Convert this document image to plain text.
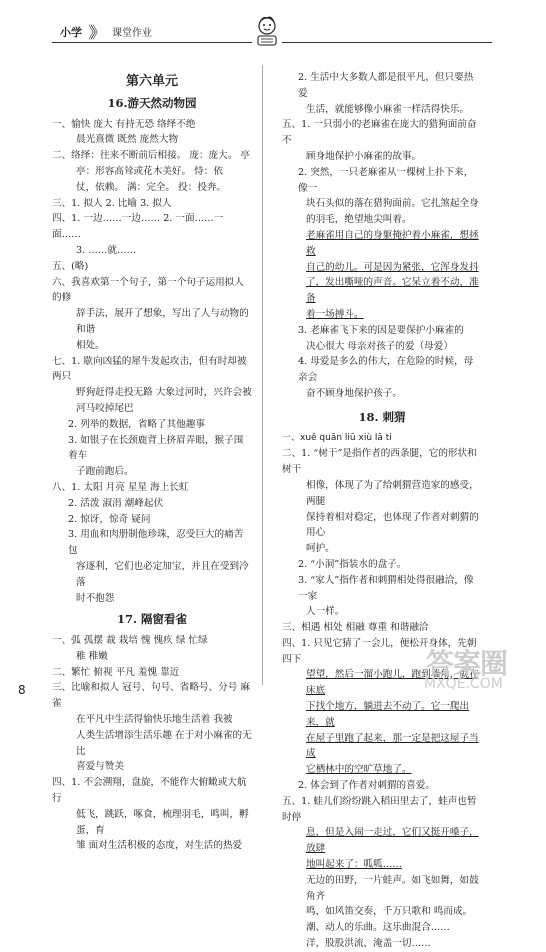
小学 》》 课堂作业
第六单元
16.游天然动物园

一、愉快 庞大 有持无恐 络绎不绝

晨光熹微 既然 庞然大物

二、络绎：往来不断前后相接。 庞：庞大。 亭

亭：形容高耸或花木美好。 恃：依

仗，依赖。 满：完全。 投：投奔。

三、1. 拟人 2. 比喻 3. 拟人

四、1. 一边……一边…… 2. 一面……一面……

3. ……就……

五、(略)

六、我喜欢第一个句子，第一个句子运用拟人的修

辞手法，展开了想象，写出了人与动物的和谐

相处。

七、1. 歇向凶猛的犀牛发起攻击，但有时却被两只

野狗赶得走投无路 大象过河时，兴许会被

河马咬掉尾巴

2. 列举的数据，省略了其他趣事

3. 如银子在长颈鹿背上挤眉弄眼，猴子围着车

子跑前跑后。

八、1. 太阳 月亮 星星 海上长虹

2. 活泼 淑涓 潮峰起伏

2. 惊讶，惊奇 疑问

3. 用血和肉册制他珍珠，忍受巨大的痛苦包

容逐利，它们也必定加宝，并且在受到冷落

时不抱怨

17. 隔窗看雀

一、弧 孤摆 裁 栽培 愧 愧疚 绿 忙绿

稚 稚嫩

二、繁忙 俯视 平凡 羞愧 靠近

三、比喻和拟人 冠号、句号、省略号、分号 麻雀

在平凡中生活得愉快乐地生活着 我被

人类生活增添生活乐趣 在于对小麻雀的无比

喜爱与赞美

四、1. 不会溯翔，盘旋，不能作大俯瞰或大航行

低飞，跳跃，啄食，梳理羽毛，鸣叫，孵蛋，育

雏 面对生活积极的态度，对生活的热爱

2. 生活中大多数人都是很平凡，但只要热爱

生活，就能够像小麻雀一样活得快乐。

五、1. 一只弱小的老麻雀在庞大的猎狗面前奋不

顾身地保护小麻雀的故事。

2. 突然，一只老麻雀从一棵树上扑下来，像一

块石头似的落在猎狗面前。它扎煞起全身

的羽毛，绝望地尖叫着。

老麻雀用自己的身躯掩护着小麻雀，想拯救

自己的幼儿。可是因为紧张，它浑身发抖

了，发出嘶哑的声音。它呆立着不动，准备

着一场搏斗。

3. 老麻雀飞下来的因是要保护小麻雀的

决心很大 母亲对孩子的爱（母爱）

4. 母爱是多么的伟大，在危险的时候，母亲会

奋不顾身地保护孩子。

18. 刺猬

一、xuě quān liū xiù lā ti

二、1. “树干”是指作者的西条腿，它的形状和树干

相像，体现了为了给刺猬营造家的感受，两腿

保持着相对稳定，也体现了作者对刺猬的用心

呵护。

2. “小洞”指装水的盘子。

3. “家人”指作者和刺猬相处得很融洽，像一家

人一样。

三、相遇 相处 相融 尊重 和谐融洽

四、1. 只见它猜了一会儿，便松开身体，先朝四下

望望，然后一溜小跑儿，跑到墙角，就在床底

下找个地方，躺进去不动了。它一爬出来，就

在屋子里跑了起来，那一定是把这屋子当成

它栖林中的空旷草地了。

2. 体会到了作者对刺猬的喜爱。

五、1. 蛙儿们纷纷跳入稻田里去了，蛙声也暂时停

息，但是入闹一走过，它们又挺开嗓子，放肆

地叫起来了：呱呱……

无边的田野，一片蛙声。如飞如舞，如鼓角齐

鸣，如风笛交奏，千万只歌和 鸣而成。

潮、动人的乐曲。这乐曲混合……

洋，股股洪流，淹盖一切……

8
答案圈
MXQE.COM
